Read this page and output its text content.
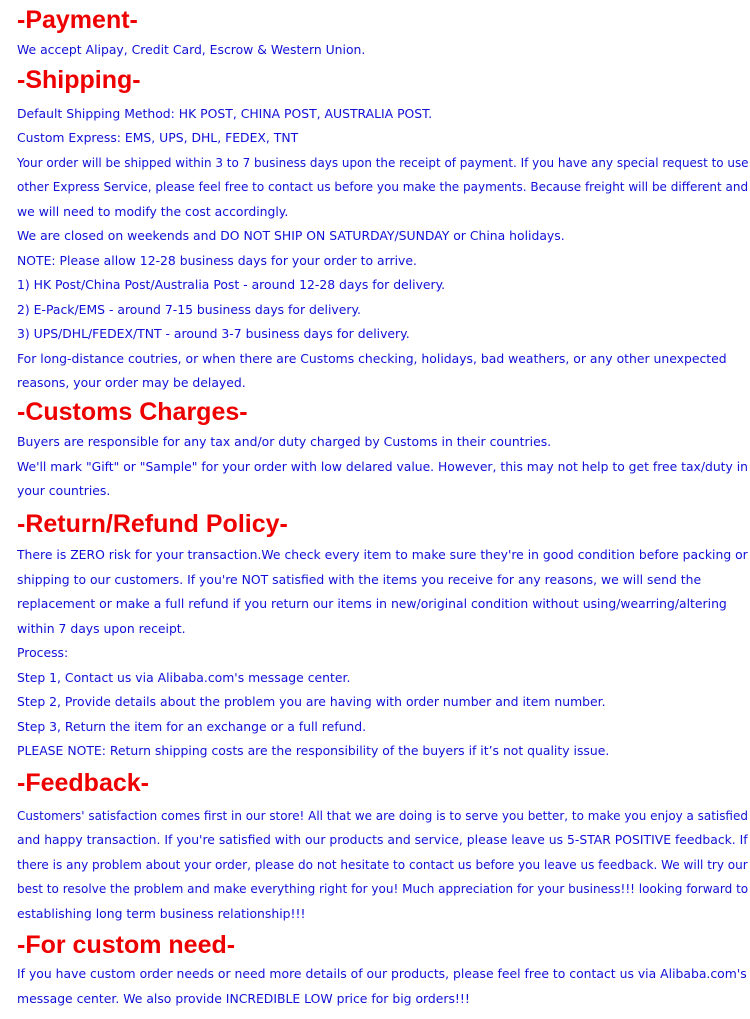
-Payment-

We accept Alipay, Credit Card, Escrow & Western Union.

-Shipping-

Default Shipping Method: HK POST, CHINA POST, AUSTRALIA POST.

Custom Express: EMS, UPS, DHL, FEDEX, TNT

Your order will be shipped within 3 to 7 business days upon the receipt of payment. If you have any special request to use

other Express Service, please feel free to contact us before you make the payments. Because freight will be different and

we will need to modify the cost accordingly.

We are closed on weekends and DO NOT SHIP ON SATURDAY/SUNDAY or China holidays.

NOTE: Please allow 12-28 business days for your order to arrive.

1) HK Post/China Post/Australia Post - around 12-28 days for delivery.

2) E-Pack/EMS - around 7-15 business days for delivery.

3) UPS/DHL/FEDEX/TNT - around 3-7 business days for delivery.

For long-distance coutries, or when there are Customs checking, holidays, bad weathers, or any other unexpected

reasons, your order may be delayed.

-Customs Charges-

Buyers are responsible for any tax and/or duty charged by Customs in their countries.

We'll mark "Gift" or "Sample" for your order with low delared value. However, this may not help to get free tax/duty in

your countries.

-Return/Refund Policy-

There is ZERO risk for your transaction.We check every item to make sure they're in good condition before packing or

shipping to our customers. If you're NOT satisfied with the items you receive for any reasons, we will send the

replacement or make a full refund if you return our items in new/original condition without using/wearring/altering

within 7 days upon receipt.

Process:

Step 1, Contact us via Alibaba.com's message center.

Step 2, Provide details about the problem you are having with order number and item number.

Step 3, Return the item for an exchange or a full refund.

PLEASE NOTE: Return shipping costs are the responsibility of the buyers if it’s not quality issue.

-Feedback-

Customers' satisfaction comes first in our store! All that we are doing is to serve you better, to make you enjoy a satisfied

and happy transaction. If you're satisfied with our products and service, please leave us 5-STAR POSITIVE feedback. If

there is any problem about your order, please do not hesitate to contact us before you leave us feedback. We will try our

best to resolve the problem and make everything right for you! Much appreciation for your business!!! looking forward to

establishing long term business relationship!!!

-For custom need-

If you have custom order needs or need more details of our products, please feel free to contact us via Alibaba.com's

message center. We also provide INCREDIBLE LOW price for big orders!!!
